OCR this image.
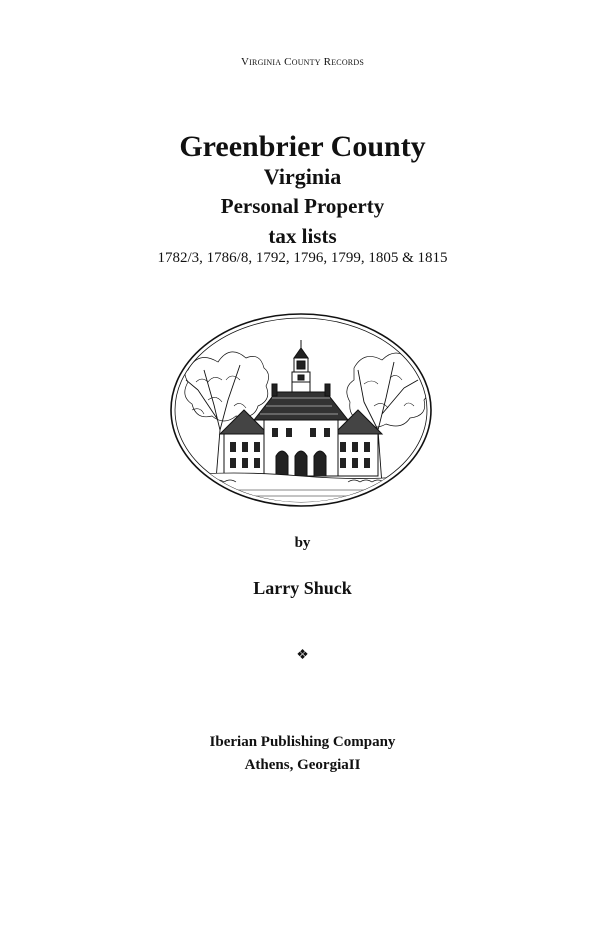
Virginia County Records
Greenbrier County
Virginia
Personal Property
tax lists
1782/3, 1786/8, 1792, 1796, 1799, 1805 & 1815
by
Larry Shuck
❖
Iberian Publishing Company
Athens, GeorgiaII
